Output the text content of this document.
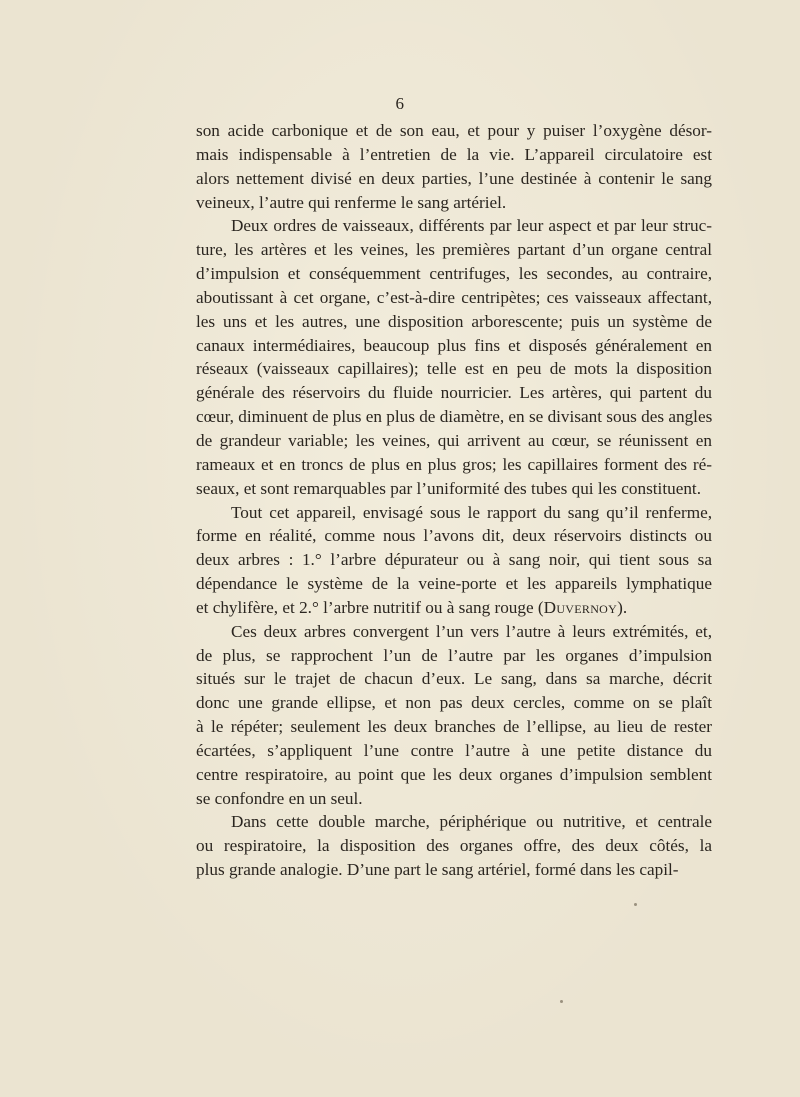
6
son acide carbonique et de son eau, et pour y puiser l’oxygène désor-
mais indispensable à l’entretien de la vie. L’appareil circulatoire est
alors nettement divisé en deux parties, l’une destinée à contenir le sang
veineux, l’autre qui renferme le sang artériel.
Deux ordres de vaisseaux, différents par leur aspect et par leur struc-
ture, les artères et les veines, les premières partant d’un organe central
d’impulsion et conséquemment centrifuges, les secondes, au contraire,
aboutissant à cet organe, c’est-à-dire centripètes; ces vaisseaux affectant,
les uns et les autres, une disposition arborescente; puis un système de
canaux intermédiaires, beaucoup plus fins et disposés généralement en
réseaux (vaisseaux capillaires); telle est en peu de mots la disposition
générale des réservoirs du fluide nourricier. Les artères, qui partent du
cœur, diminuent de plus en plus de diamètre, en se divisant sous des angles
de grandeur variable; les veines, qui arrivent au cœur, se réunissent en
rameaux et en troncs de plus en plus gros; les capillaires forment des ré-
seaux, et sont remarquables par l’uniformité des tubes qui les constituent.
Tout cet appareil, envisagé sous le rapport du sang qu’il renferme,
forme en réalité, comme nous l’avons dit, deux réservoirs distincts ou
deux arbres : 1.° l’arbre dépurateur ou à sang noir, qui tient sous sa
dépendance le système de la veine-porte et les appareils lymphatique
et chylifère, et 2.° l’arbre nutritif ou à sang rouge (Duvernoy).
Ces deux arbres convergent l’un vers l’autre à leurs extrémités, et,
de plus, se rapprochent l’un de l’autre par les organes d’impulsion
situés sur le trajet de chacun d’eux. Le sang, dans sa marche, décrit
donc une grande ellipse, et non pas deux cercles, comme on se plaît
à le répéter; seulement les deux branches de l’ellipse, au lieu de rester
écartées, s’appliquent l’une contre l’autre à une petite distance du
centre respiratoire, au point que les deux organes d’impulsion semblent
se confondre en un seul.
Dans cette double marche, périphérique ou nutritive, et centrale
ou respiratoire, la disposition des organes offre, des deux côtés, la
plus grande analogie. D’une part le sang artériel, formé dans les capil-
